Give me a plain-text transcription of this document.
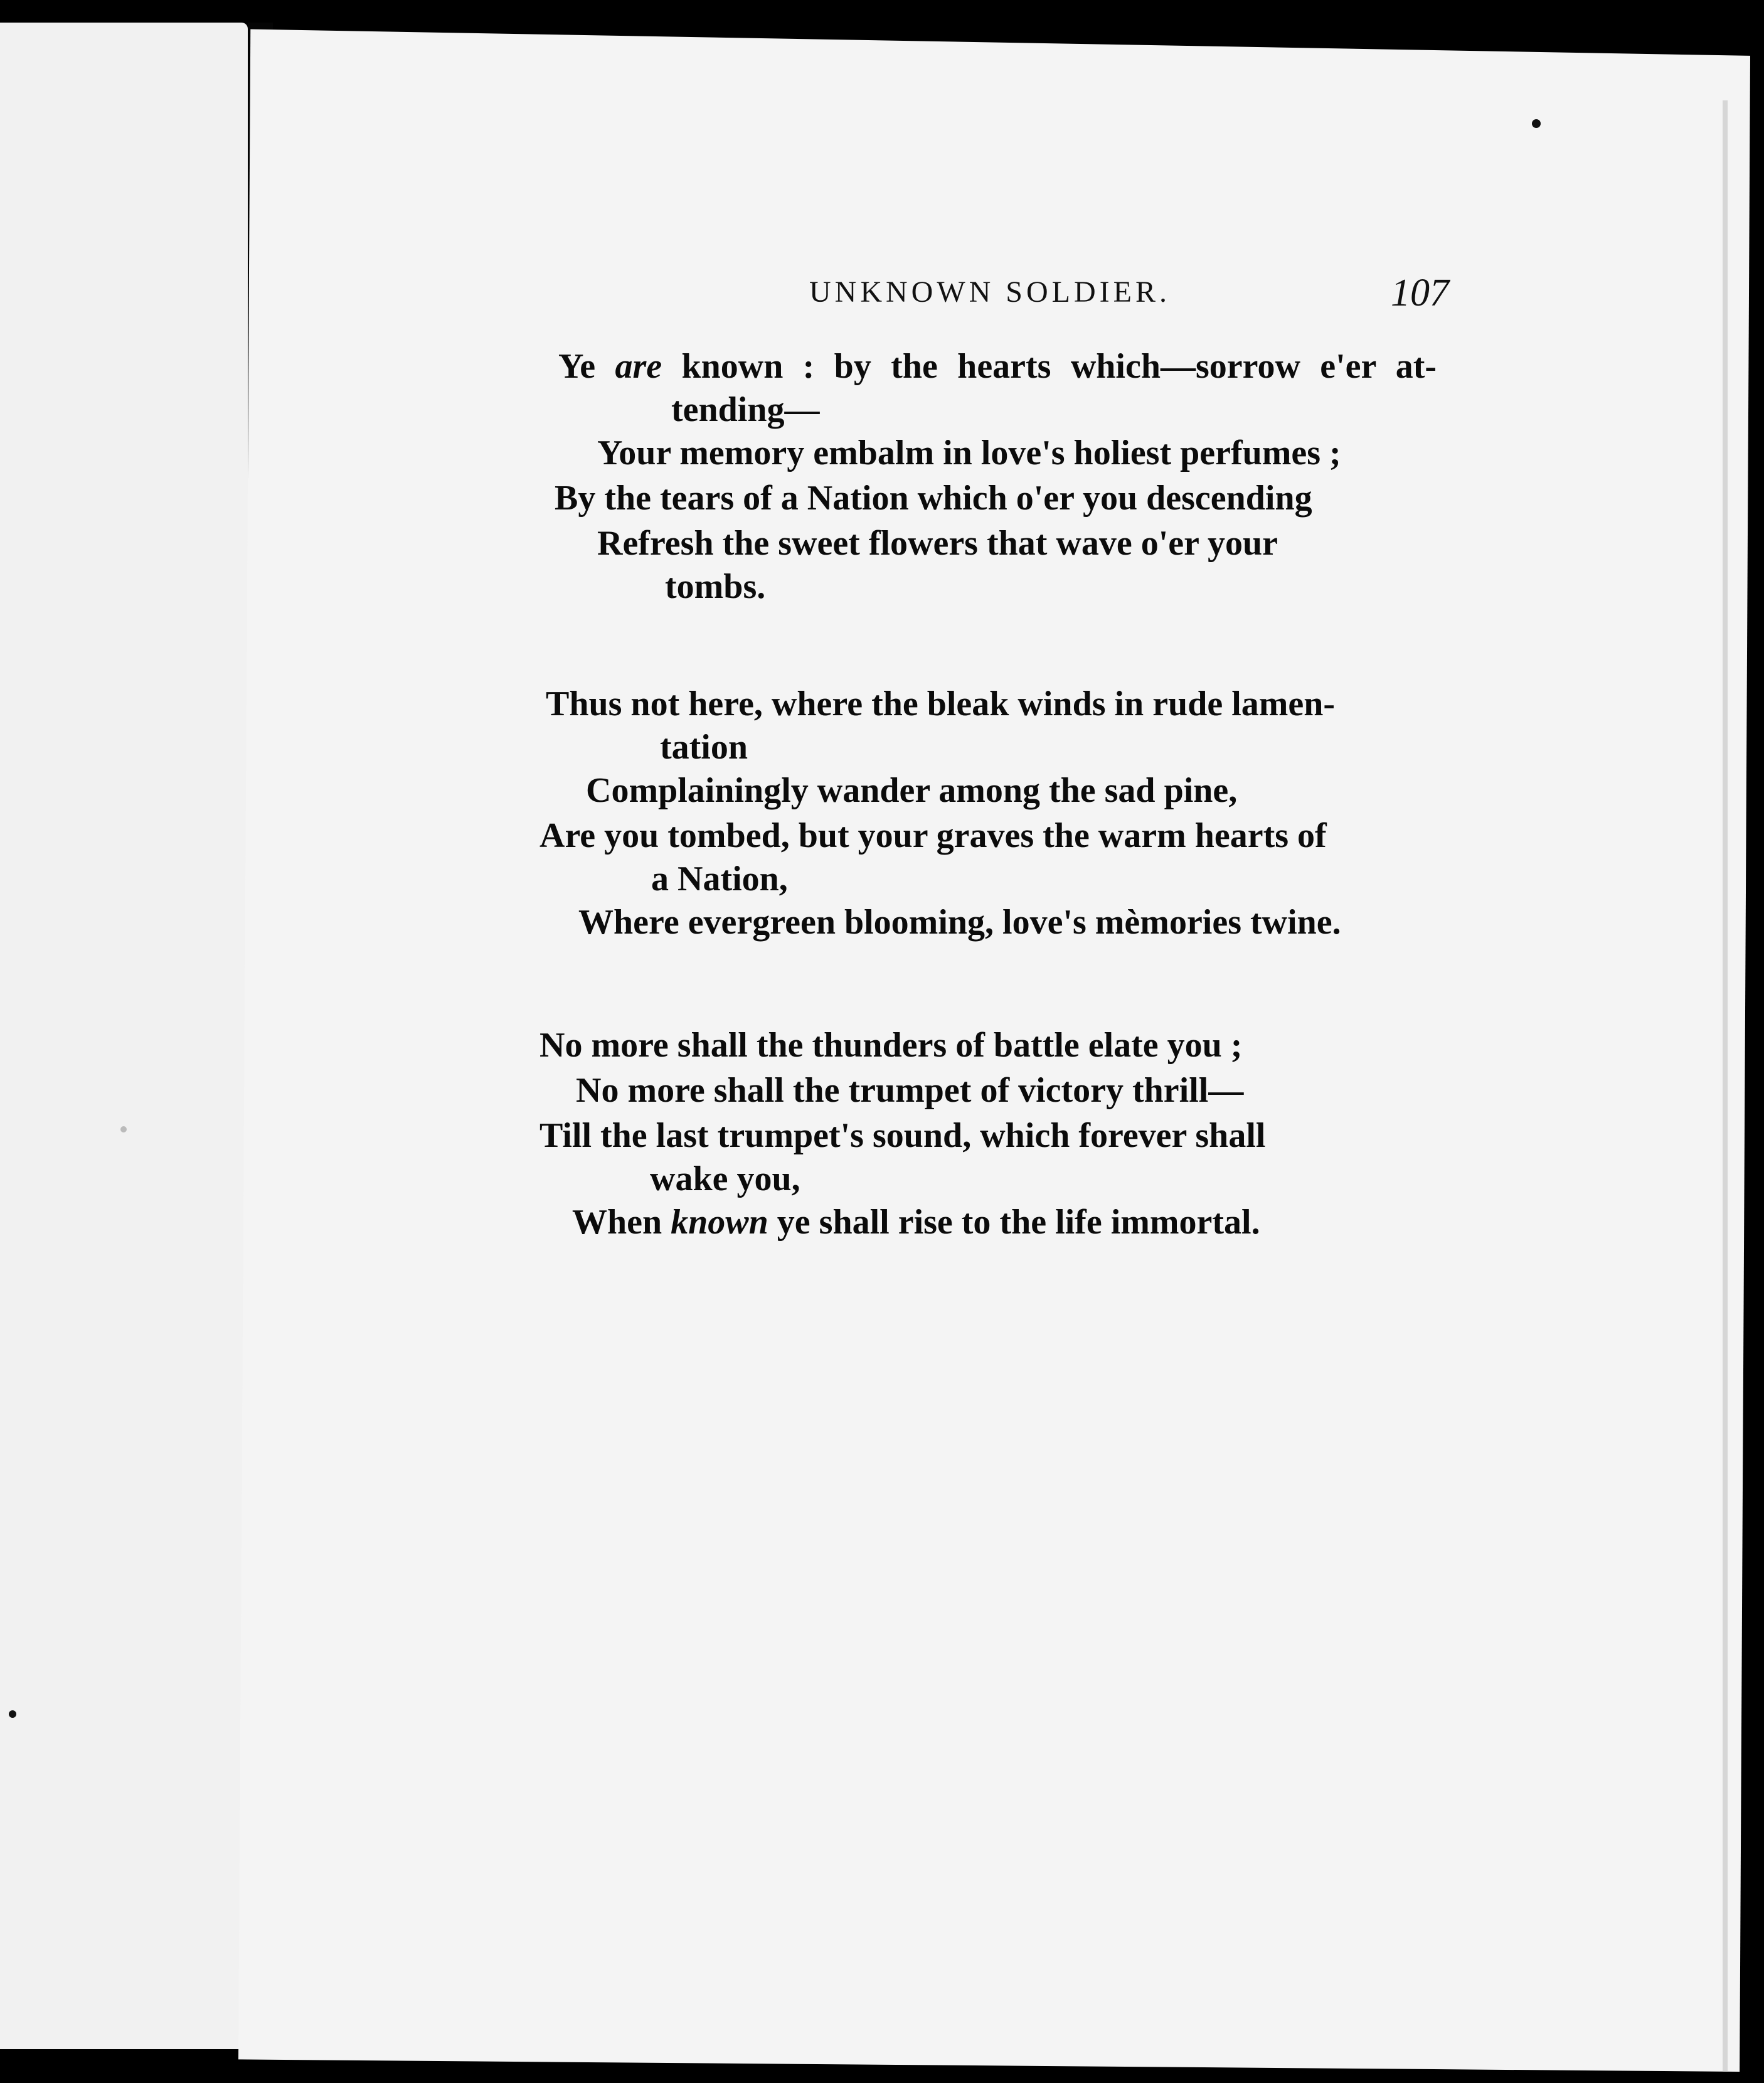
UNKNOWN SOLDIER.	107
Ye are known : by the hearts which—sorrow e'er at-
tending—
Your memory embalm in love's holiest perfumes ;
By the tears of a Nation which o'er you descending
Refresh the sweet flowers that wave o'er your
tombs.
Thus not here, where the bleak winds in rude lamen-
tation
Complainingly wander among the sad pine,
Are you tombed, but your graves the warm hearts of
a Nation,
Where evergreen blooming, love's mèmories twine.
No more shall the thunders of battle elate you ;
No more shall the trumpet of victory thrill—
Till the last trumpet's sound, which forever shall
wake you,
When known ye shall rise to the life immortal.
